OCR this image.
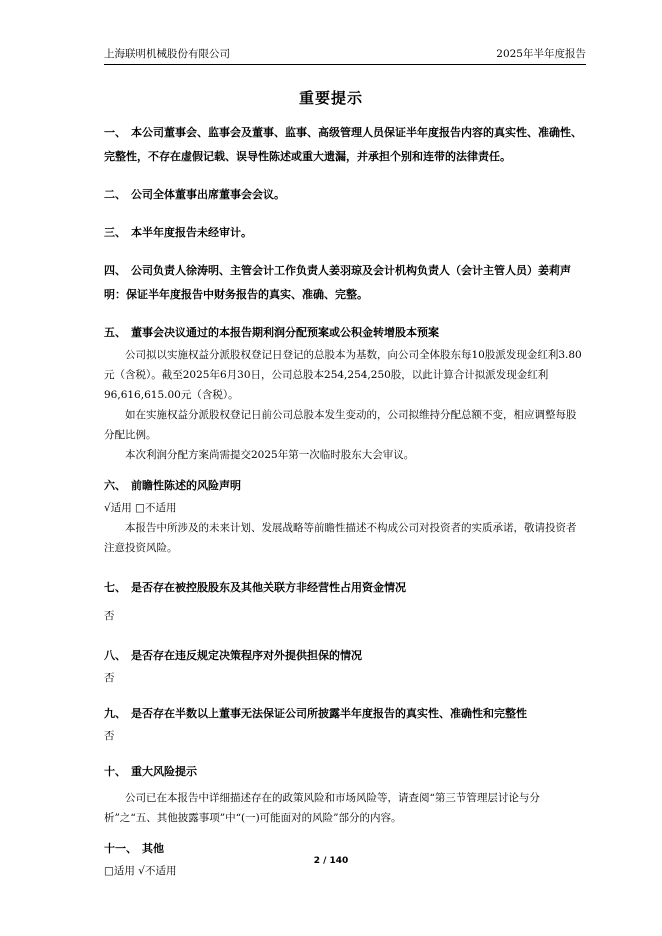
上海联明机械股份有限公司	2025年半年度报告
重要提示
一、 本公司董事会、监事会及董事、监事、高级管理人员保证半年度报告内容的真实性、准确性、完整性，不存在虚假记载、误导性陈述或重大遗漏，并承担个别和连带的法律责任。
二、 公司全体董事出席董事会会议。
三、 本半年度报告未经审计。
四、 公司负责人徐涛明、主管会计工作负责人姜羽琼及会计机构负责人（会计主管人员）姜莉声明：保证半年度报告中财务报告的真实、准确、完整。
五、 董事会决议通过的本报告期利润分配预案或公积金转增股本预案
公司拟以实施权益分派股权登记日登记的总股本为基数，向公司全体股东每10股派发现金红利3.80元（含税）。截至2025年6月30日，公司总股本254,254,250股，以此计算合计拟派发现金红利96,616,615.00元（含税）。
如在实施权益分派股权登记日前公司总股本发生变动的，公司拟维持分配总额不变，相应调整每股分配比例。
本次利润分配方案尚需提交2025年第一次临时股东大会审议。
六、 前瞻性陈述的风险声明
√适用 □不适用
本报告中所涉及的未来计划、发展战略等前瞻性描述不构成公司对投资者的实质承诺，敬请投资者注意投资风险。
七、 是否存在被控股股东及其他关联方非经营性占用资金情况
否
八、 是否存在违反规定决策程序对外提供担保的情况
否
九、 是否存在半数以上董事无法保证公司所披露半年度报告的真实性、准确性和完整性
否
十、 重大风险提示
公司已在本报告中详细描述存在的政策风险和市场风险等，请查阅“第三节管理层讨论与分析”之“五、其他披露事项”中“(一)可能面对的风险”部分的内容。
十一、 其他
□适用 √不适用
2 / 140
